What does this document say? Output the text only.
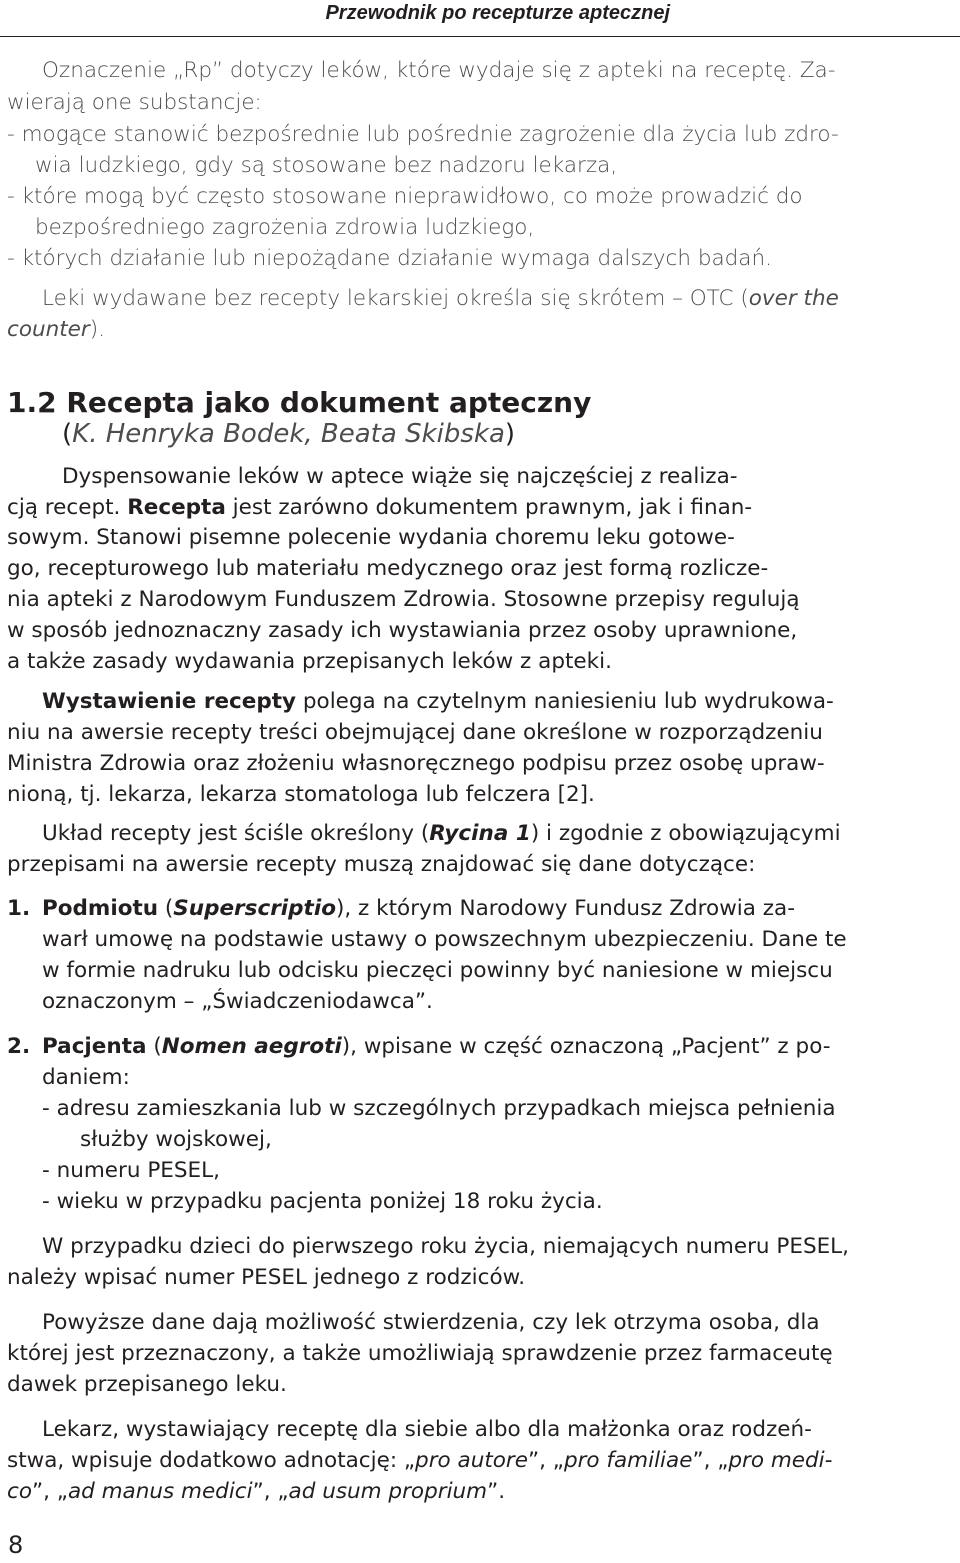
Przewodnik po recepturze aptecznej
Oznaczenie „Rp” dotyczy leków, które wydaje się z apteki na receptę. Za-
wierają one substancje:
- mogące stanowić bezpośrednie lub pośrednie zagrożenie dla życia lub zdro-
wia ludzkiego, gdy są stosowane bez nadzoru lekarza,
- które mogą być często stosowane nieprawidłowo, co może prowadzić do
bezpośredniego zagrożenia zdrowia ludzkiego,
- których działanie lub niepożądane działanie wymaga dalszych badań.
Leki wydawane bez recepty lekarskiej określa się skrótem – OTC (over the
counter).
1.2 Recepta jako dokument apteczny
(K. Henryka Bodek, Beata Skibska)
Dyspensowanie leków w aptece wiąże się najczęściej z realiza-
cją recept. Recepta jest zarówno dokumentem prawnym, jak i finan-
sowym. Stanowi pisemne polecenie wydania choremu leku gotowe-
go, recepturowego lub materiału medycznego oraz jest formą rozlicze-
nia apteki z Narodowym Funduszem Zdrowia. Stosowne przepisy regulują
w sposób jednoznaczny zasady ich wystawiania przez osoby uprawnione,
a także zasady wydawania przepisanych leków z apteki.
Wystawienie recepty polega na czytelnym naniesieniu lub wydrukowa-
niu na awersie recepty treści obejmującej dane określone w rozporządzeniu
Ministra Zdrowia oraz złożeniu własnoręcznego podpisu przez osobę upraw-
nioną, tj. lekarza, lekarza stomatologa lub felczera [2].
Układ recepty jest ściśle określony (Rycina 1) i zgodnie z obowiązującymi
przepisami na awersie recepty muszą znajdować się dane dotyczące:
1. Podmiotu (Superscriptio), z którym Narodowy Fundusz Zdrowia za-
warł umowę na podstawie ustawy o powszechnym ubezpieczeniu. Dane te
w formie nadruku lub odcisku pieczęci powinny być naniesione w miejscu
oznaczonym – „Świadczeniodawca”.
2. Pacjenta (Nomen aegroti), wpisane w część oznaczoną „Pacjent” z po-
daniem:
- adresu zamieszkania lub w szczególnych przypadkach miejsca pełnienia
służby wojskowej,
- numeru PESEL,
- wieku w przypadku pacjenta poniżej 18 roku życia.
W przypadku dzieci do pierwszego roku życia, niemających numeru PESEL,
należy wpisać numer PESEL jednego z rodziców.
Powyższe dane dają możliwość stwierdzenia, czy lek otrzyma osoba, dla
której jest przeznaczony, a także umożliwiają sprawdzenie przez farmaceutę
dawek przepisanego leku.
Lekarz, wystawiający receptę dla siebie albo dla małżonka oraz rodzeń-
stwa, wpisuje dodatkowo adnotację: „pro autore”, „pro familiae”, „pro medi-
co”, „ad manus medici”, „ad usum proprium”.
8
